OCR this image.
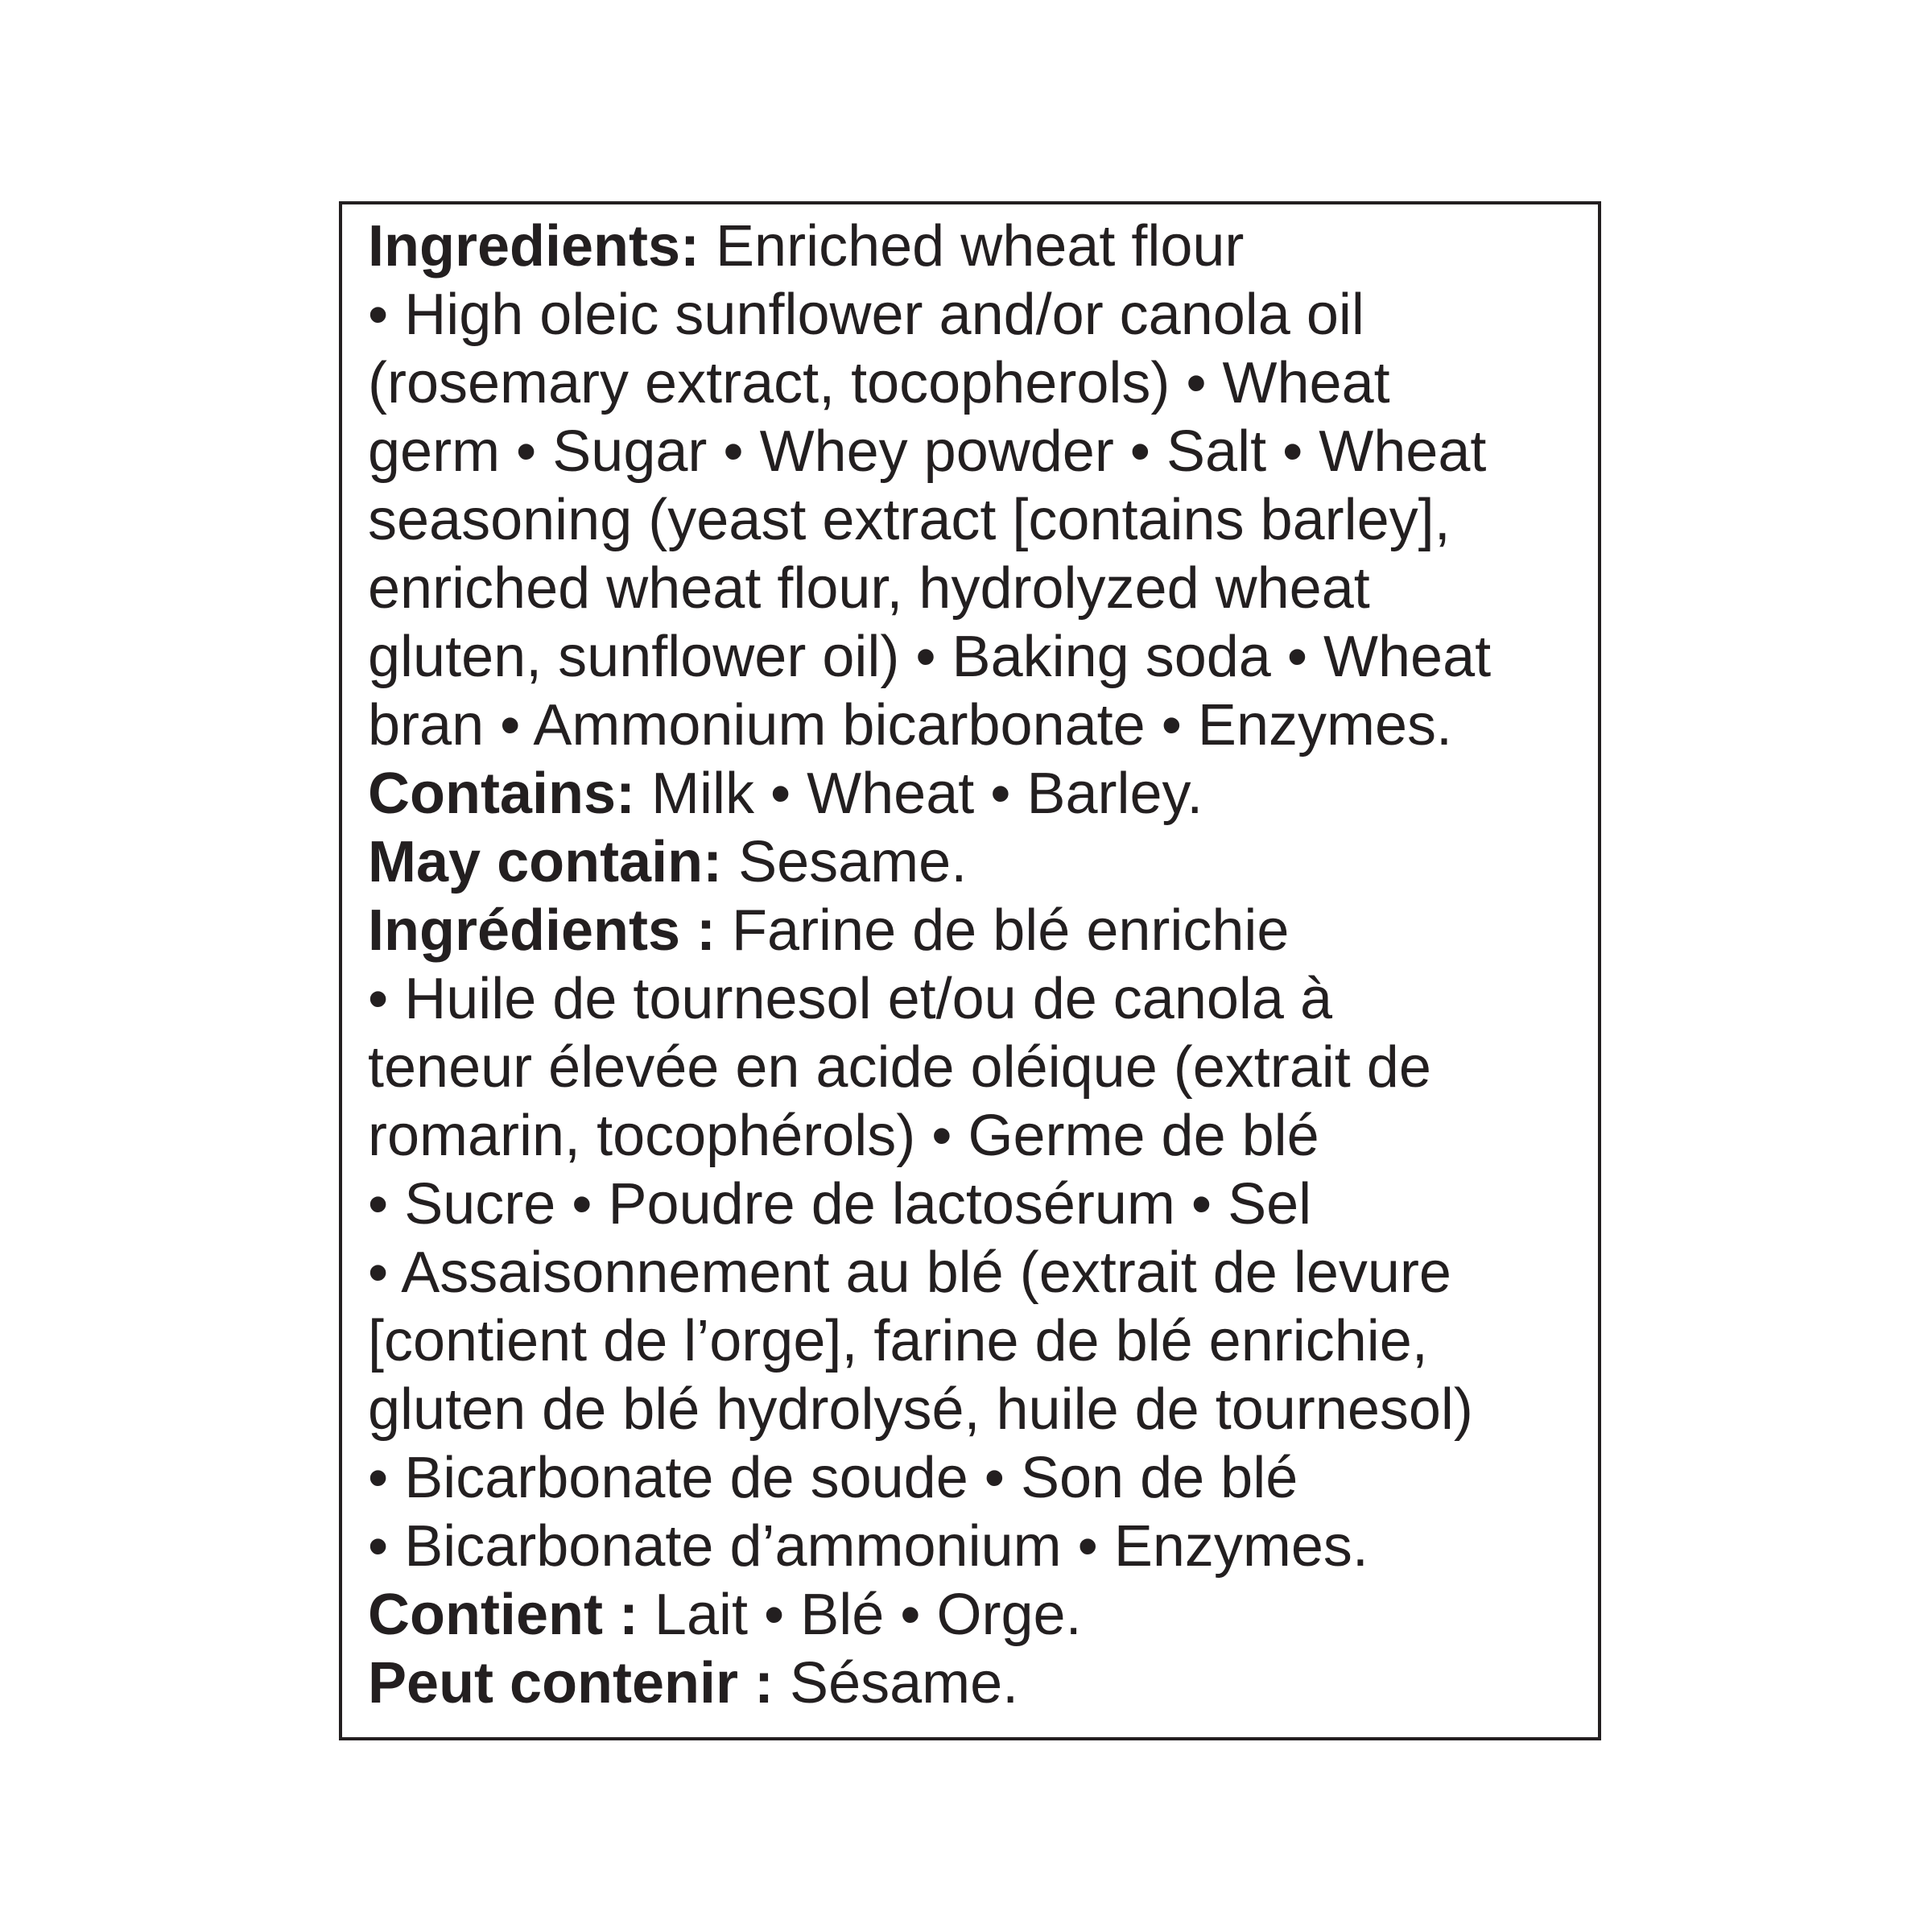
Ingredients: Enriched wheat flour
• High oleic sunflower and/or canola oil
(rosemary extract, tocopherols) • Wheat
germ • Sugar • Whey powder • Salt • Wheat
seasoning (yeast extract [contains barley],
enriched wheat flour, hydrolyzed wheat
gluten, sunflower oil) • Baking soda • Wheat
bran • Ammonium bicarbonate • Enzymes.
Contains: Milk • Wheat • Barley.
May contain: Sesame.
Ingrédients : Farine de blé enrichie
• Huile de tournesol et/ou de canola à
teneur élevée en acide oléique (extrait de
romarin, tocophérols) • Germe de blé
• Sucre • Poudre de lactosérum • Sel
• Assaisonnement au blé (extrait de levure
[contient de l’orge], farine de blé enrichie,
gluten de blé hydrolysé, huile de tournesol)
• Bicarbonate de soude • Son de blé
• Bicarbonate d’ammonium • Enzymes.
Contient : Lait • Blé • Orge.
Peut contenir : Sésame.
